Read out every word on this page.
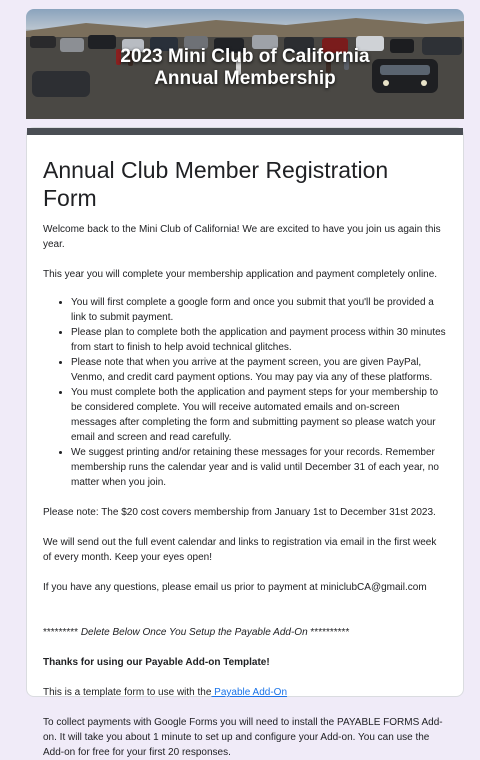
2023 Mini Club of California
Annual Membership
Annual Club Member Registration Form

Welcome back to the Mini Club of California! We are excited to have you join us again this year.

This year you will complete your membership application and payment completely online.

• You will first complete a google form and once you submit that you'll be provided a link to submit payment.
• Please plan to complete both the application and payment process within 30 minutes from start to finish to help avoid technical glitches.
• Please note that when you arrive at the payment screen, you are given PayPal, Venmo, and credit card payment options. You may pay via any of these platforms.
• You must complete both the application and payment steps for your membership to be considered complete. You will receive automated emails and on-screen messages after completing the form and submitting payment so please watch your email and screen and read carefully.
• We suggest printing and/or retaining these messages for your records. Remember membership runs the calendar year and is valid until December 31 of each year, no matter when you join.

Please note: The $20 cost covers membership from January 1st to December 31st 2023.

We will send out the full event calendar and links to registration via email in the first week of every month. Keep your eyes open!

If you have any questions, please email us prior to payment at miniclubCA@gmail.com

********* Delete Below Once You Setup the Payable Add-On **********

Thanks for using our Payable Add-on Template!

This is a template form to use with the Payable Add-On

To collect payments with Google Forms you will need to install the PAYABLE FORMS Add-on. It will take you about 1 minute to set up and configure your Add-on. You can use the Add-on for free for your first 20 responses.
